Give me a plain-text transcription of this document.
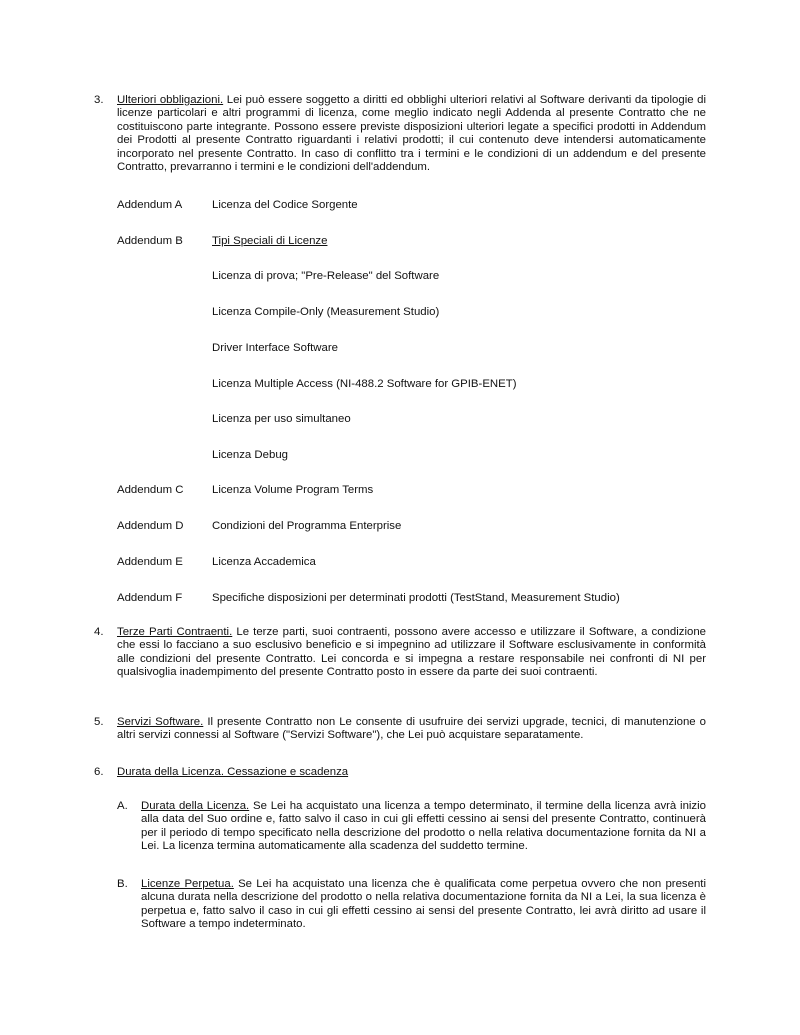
3.	Ulteriori obbligazioni. Lei può essere soggetto a diritti ed obblighi ulteriori relativi al Software derivanti da tipologie di licenze particolari e altri programmi di licenza, come meglio indicato negli Addenda al presente Contratto che ne costituiscono parte integrante. Possono essere previste disposizioni ulteriori legate a specifici prodotti in Addendum dei Prodotti al presente Contratto riguardanti i relativi prodotti; il cui contenuto deve intendersi automaticamente incorporato nel presente Contratto. In caso di conflitto tra i termini e le condizioni di un addendum e del presente Contratto, prevarranno i termini e le condizioni dell'addendum.
Addendum A	Licenza del Codice Sorgente
Addendum B	Tipi Speciali di Licenze
Licenza di prova; "Pre-Release" del Software
Licenza Compile-Only (Measurement Studio)
Driver Interface Software
Licenza Multiple Access (NI-488.2 Software for GPIB-ENET)
Licenza per uso simultaneo
Licenza Debug
Addendum C	Licenza Volume Program Terms
Addendum D	Condizioni del Programma Enterprise
Addendum E	Licenza Accademica
Addendum F	Specifiche disposizioni per determinati prodotti (TestStand, Measurement Studio)
4.	Terze Parti Contraenti. Le terze parti, suoi contraenti, possono avere accesso e utilizzare il Software, a condizione che essi lo facciano a suo esclusivo beneficio e si impegnino ad utilizzare il Software esclusivamente in conformità alle condizioni del presente Contratto. Lei concorda e si impegna a restare responsabile nei confronti di NI per qualsivoglia inadempimento del presente Contratto posto in essere da parte dei suoi contraenti.
5.	Servizi Software. Il presente Contratto non Le consente di usufruire dei servizi upgrade, tecnici, di manutenzione o altri servizi connessi al Software ("Servizi Software"), che Lei può acquistare separatamente.
6.	Durata della Licenza. Cessazione e scadenza
A.	Durata della Licenza. Se Lei ha acquistato una licenza a tempo determinato, il termine della licenza avrà inizio alla data del Suo ordine e, fatto salvo il caso in cui gli effetti cessino ai sensi del presente Contratto, continuerà per il periodo di tempo specificato nella descrizione del prodotto o nella relativa documentazione fornita da NI a Lei. La licenza termina automaticamente alla scadenza del suddetto termine.
B.	Licenze Perpetua. Se Lei ha acquistato una licenza che è qualificata come perpetua ovvero che non presenti alcuna durata nella descrizione del prodotto o nella relativa documentazione fornita da NI a Lei, la sua licenza è perpetua e, fatto salvo il caso in cui gli effetti cessino ai sensi del presente Contratto, lei avrà diritto ad usare il Software a tempo indeterminato.
